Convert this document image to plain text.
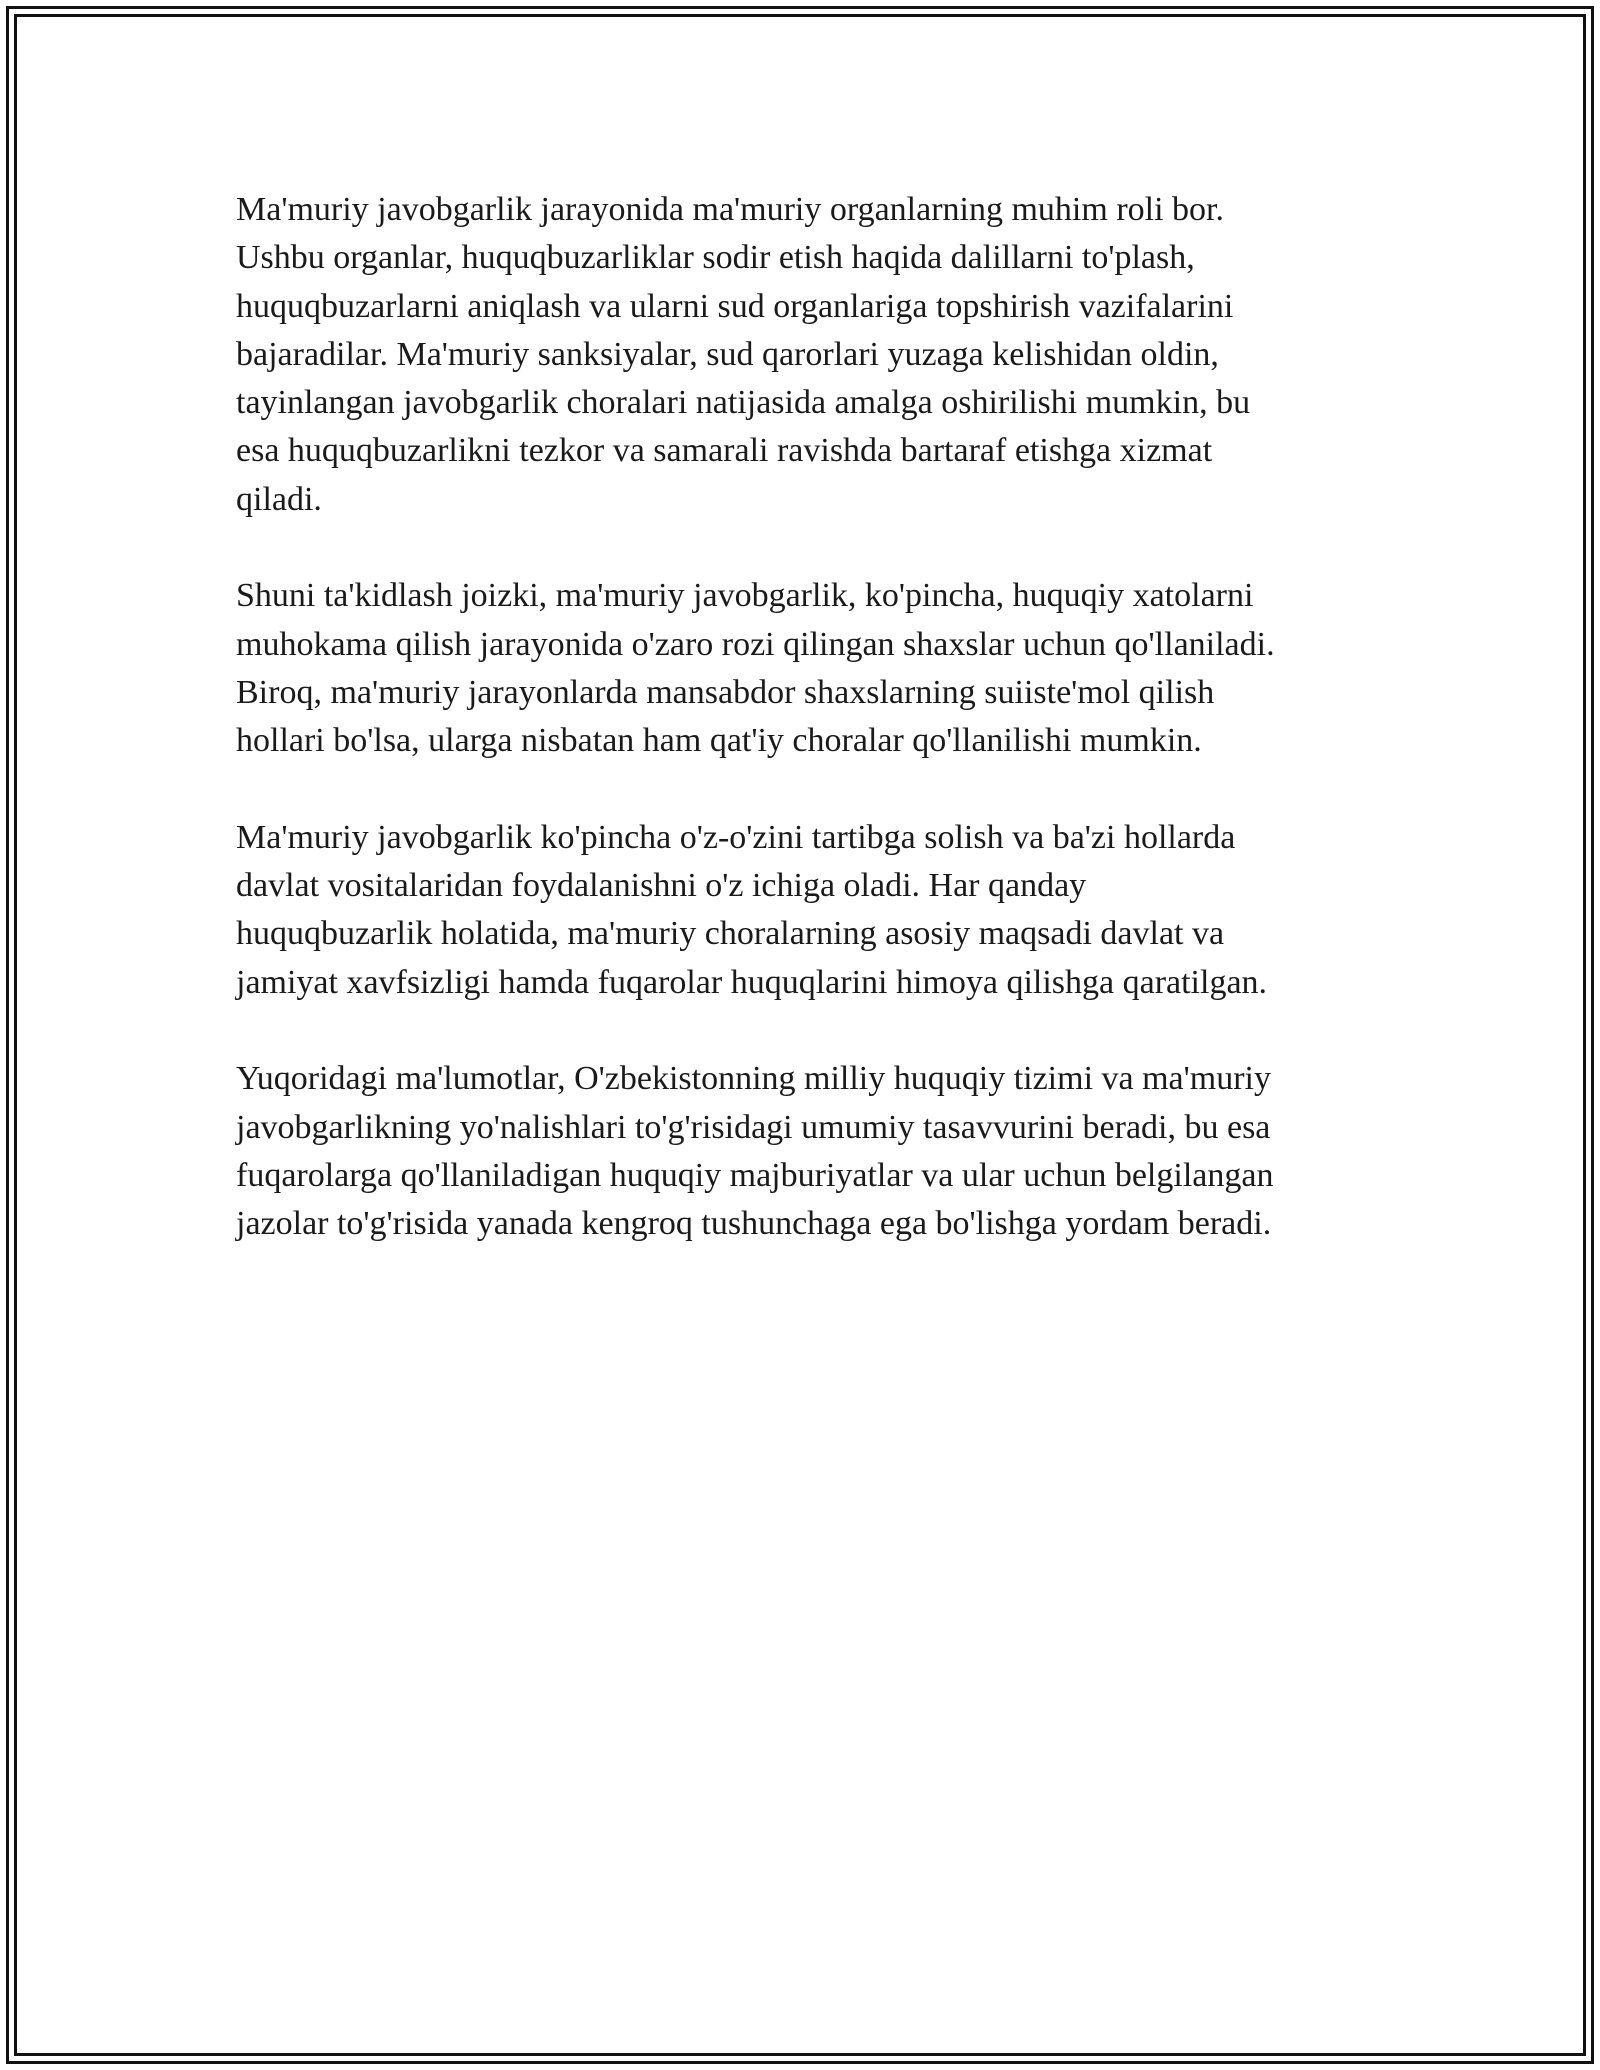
Ma'muriy javobgarlik jarayonida ma'muriy organlarning muhim roli bor.
Ushbu organlar, huquqbuzarliklar sodir etish haqida dalillarni to'plash,
huquqbuzarlarni aniqlash va ularni sud organlariga topshirish vazifalarini
bajaradilar. Ma'muriy sanksiyalar, sud qarorlari yuzaga kelishidan oldin,
tayinlangan javobgarlik choralari natijasida amalga oshirilishi mumkin, bu
esa huquqbuzarlikni tezkor va samarali ravishda bartaraf etishga xizmat
qiladi.

Shuni ta'kidlash joizki, ma'muriy javobgarlik, ko'pincha, huquqiy xatolarni
muhokama qilish jarayonida o'zaro rozi qilingan shaxslar uchun qo'llaniladi.
Biroq, ma'muriy jarayonlarda mansabdor shaxslarning suiiste'mol qilish
hollari bo'lsa, ularga nisbatan ham qat'iy choralar qo'llanilishi mumkin.

Ma'muriy javobgarlik ko'pincha o'z-o'zini tartibga solish va ba'zi hollarda
davlat vositalaridan foydalanishni o'z ichiga oladi. Har qanday
huquqbuzarlik holatida, ma'muriy choralarning asosiy maqsadi davlat va
jamiyat xavfsizligi hamda fuqarolar huquqlarini himoya qilishga qaratilgan.

Yuqoridagi ma'lumotlar, O'zbekistonning milliy huquqiy tizimi va ma'muriy
javobgarlikning yo'nalishlari to'g'risidagi umumiy tasavvurini beradi, bu esa
fuqarolarga qo'llaniladigan huquqiy majburiyatlar va ular uchun belgilangan
jazolar to'g'risida yanada kengroq tushunchaga ega bo'lishga yordam beradi.
